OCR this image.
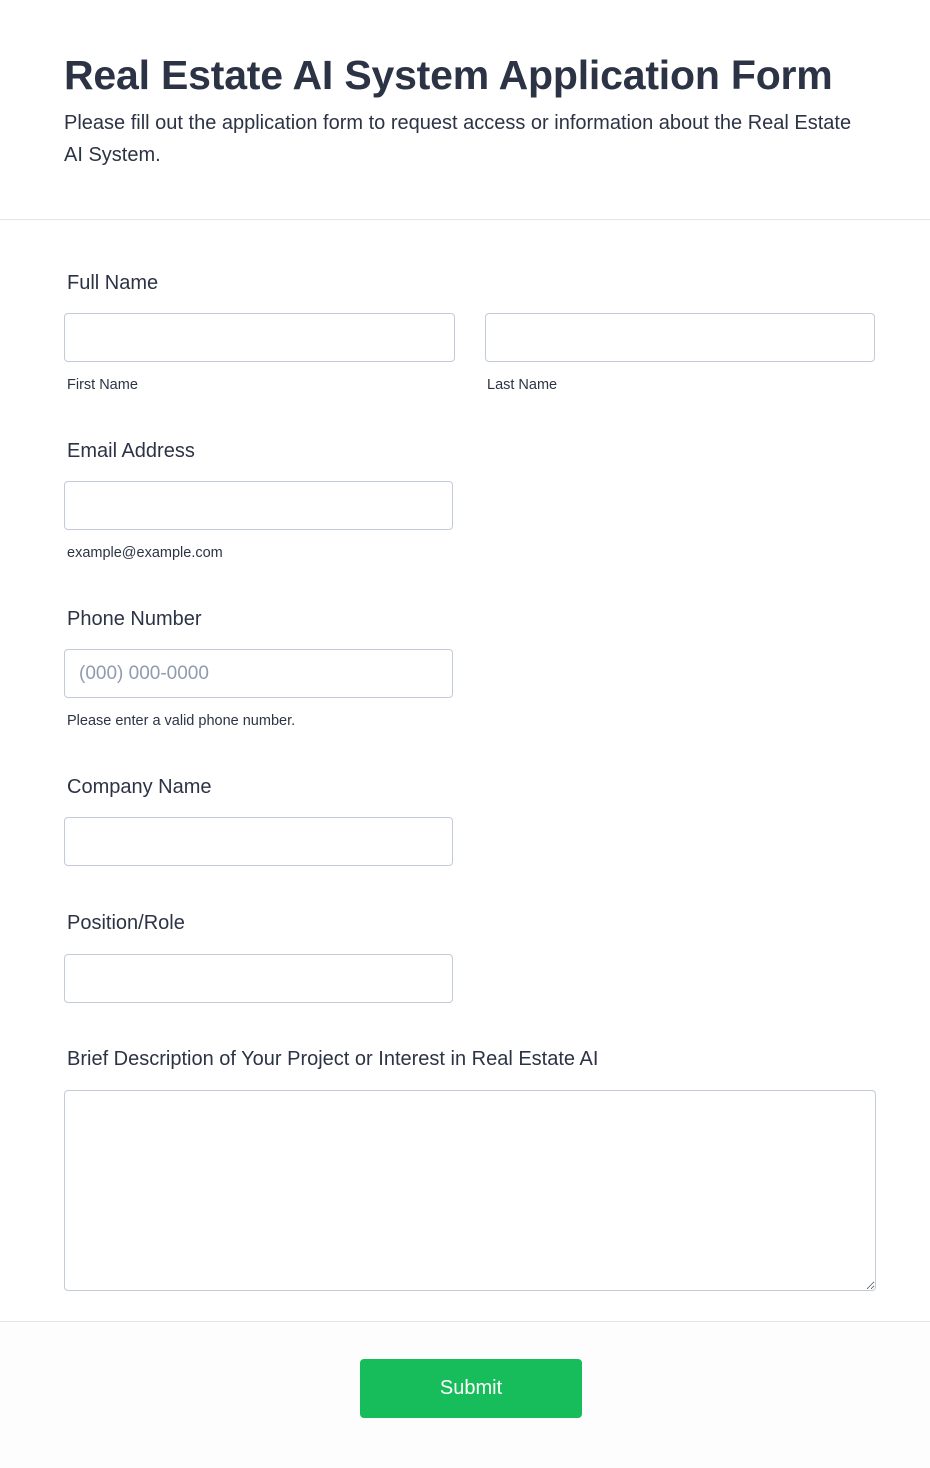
Real Estate AI System Application Form

Please fill out the application form to request access or information about the Real Estate AI System.

Full Name
First Name	Last Name
Email Address
example@example.com
Phone Number
(000) 000-0000
Please enter a valid phone number.
Company Name
Position/Role
Brief Description of Your Project or Interest in Real Estate AI
Submit
